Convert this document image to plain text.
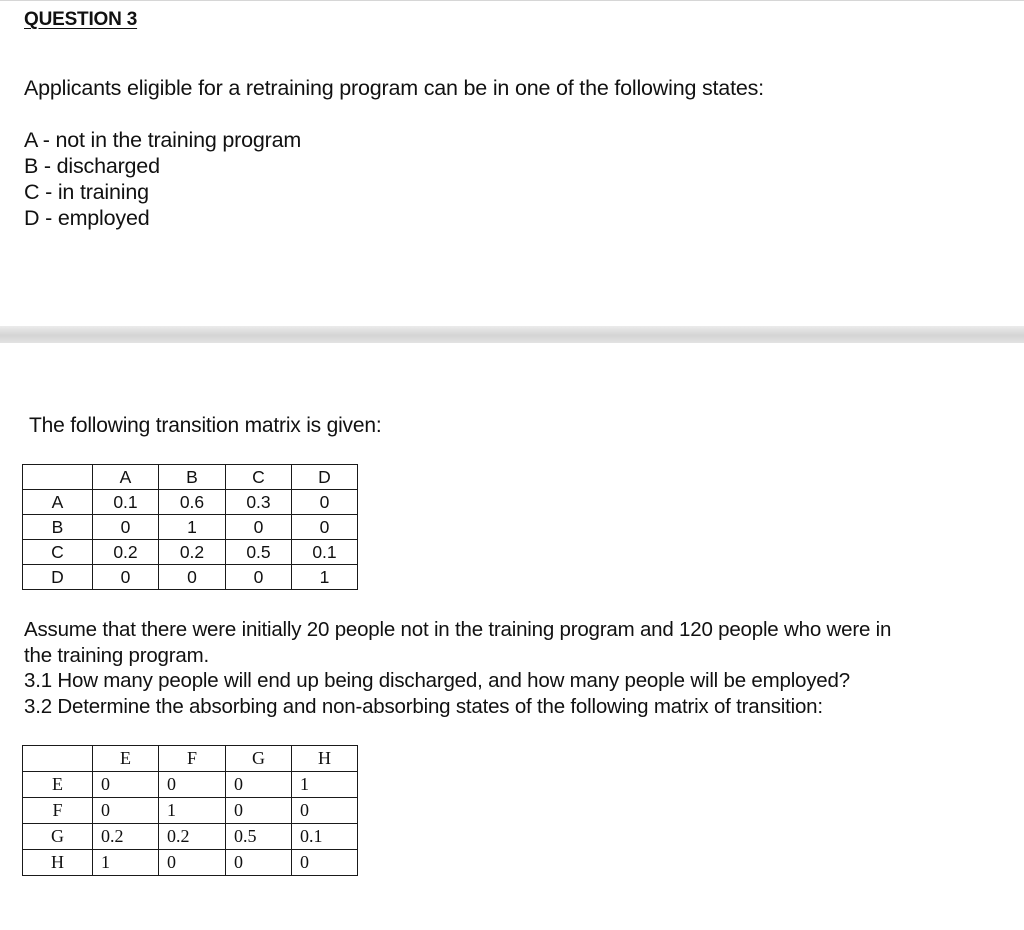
QUESTION 3
Applicants eligible for a retraining program can be in one of the following states:
A - not in the training program
B - discharged
C - in training
D - employed
The following transition matrix is given:
	A	B	C	D
A	0.1	0.6	0.3	0
B	0	1	0	0
C	0.2	0.2	0.5	0.1
D	0	0	0	1
Assume that there were initially 20 people not in the training program and 120 people who were in
the training program.
3.1 How many people will end up being discharged, and how many people will be employed?
3.2 Determine the absorbing and non-absorbing states of the following matrix of transition:
	E	F	G	H
E	0	0	0	1
F	0	1	0	0
G	0.2	0.2	0.5	0.1
H	1	0	0	0
